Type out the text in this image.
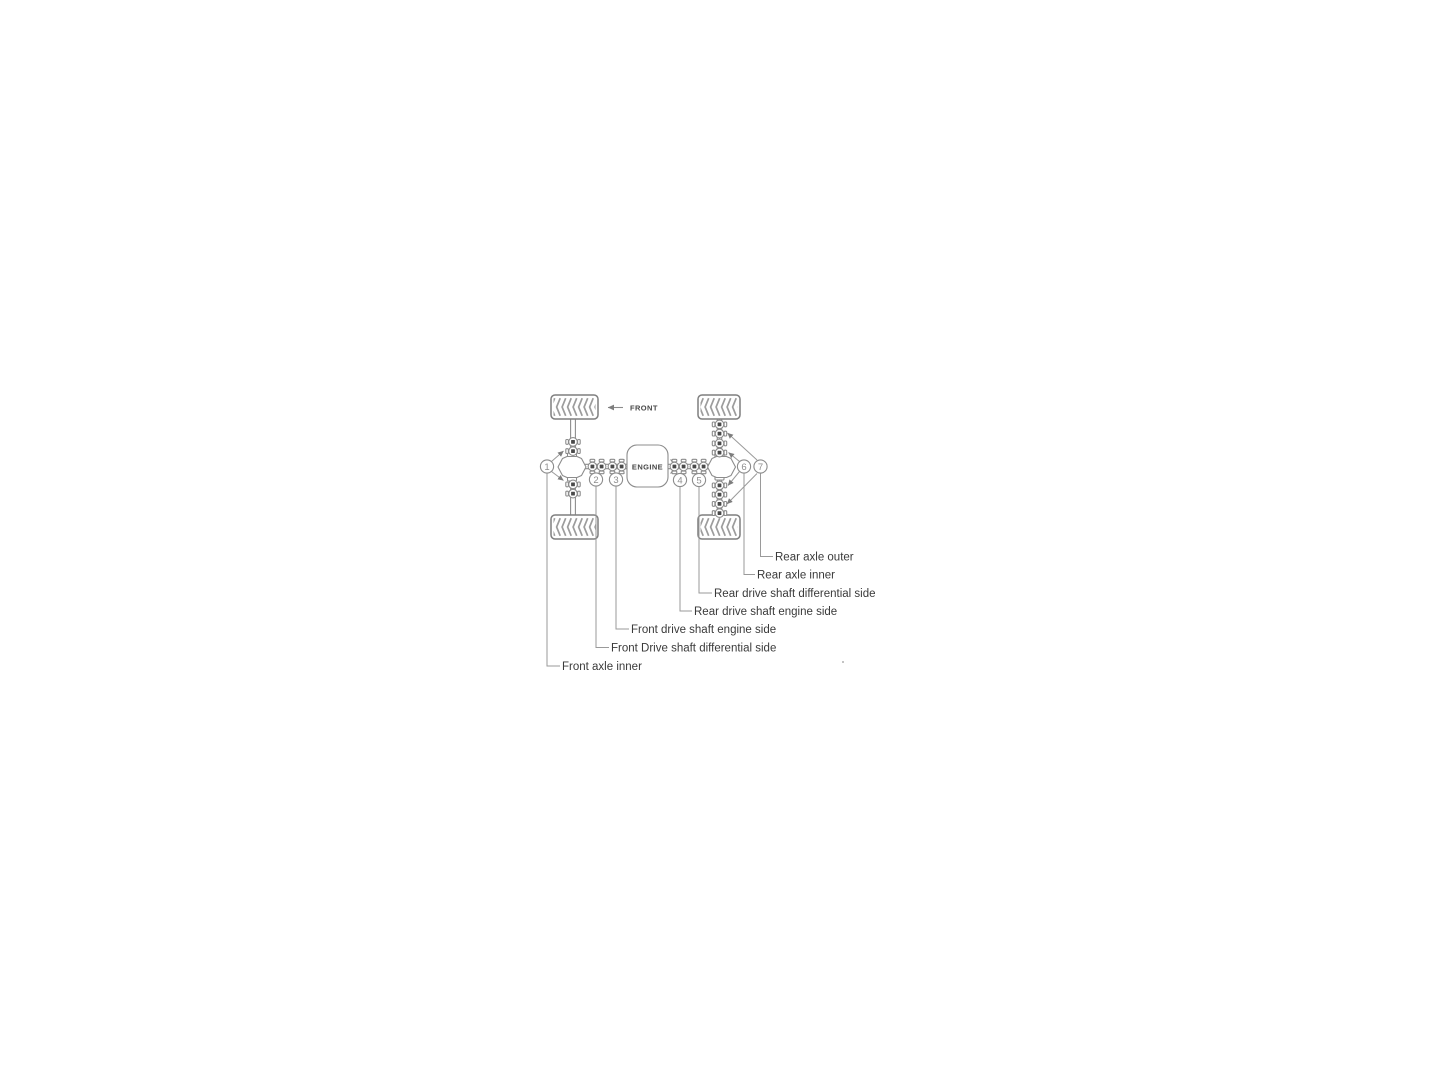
FRONT
ENGINE
1
2 3	4 5
6 7
Front axle inner
Front Drive shaft differential side
Front drive shaft engine side
Rear drive shaft engine side
Rear drive shaft differential side
Rear axle inner
Rear axle outer
